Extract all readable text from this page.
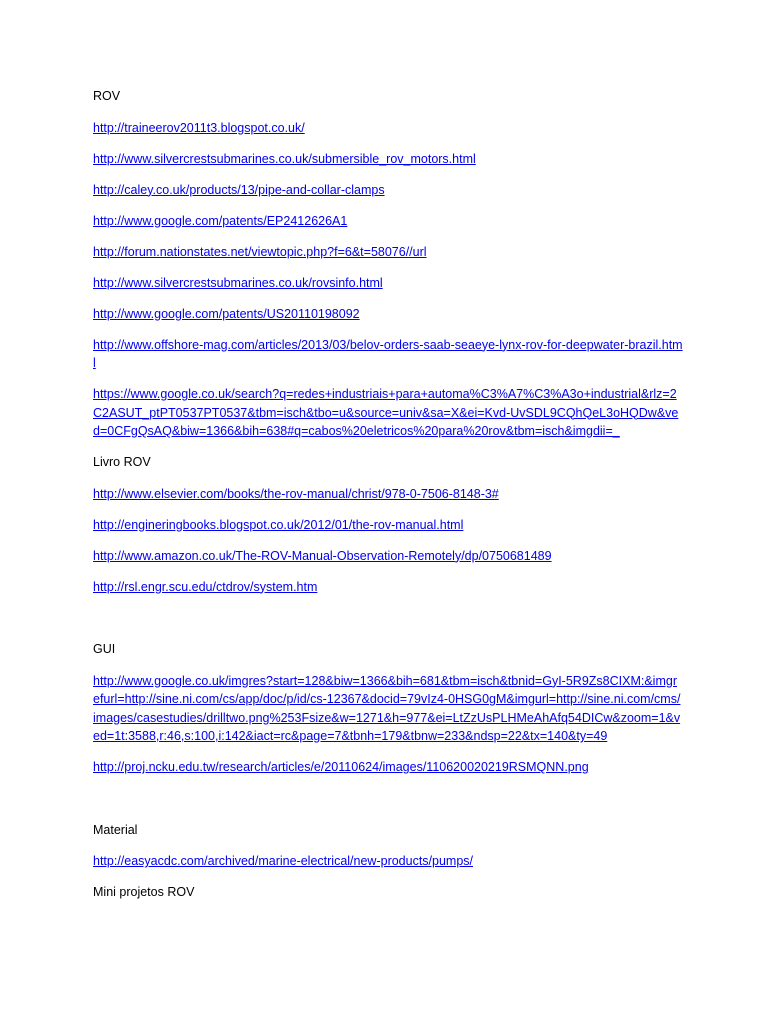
ROV
http://traineerov2011t3.blogspot.co.uk/
http://www.silvercrestsubmarines.co.uk/submersible_rov_motors.html
http://caley.co.uk/products/13/pipe-and-collar-clamps
http://www.google.com/patents/EP2412626A1
http://forum.nationstates.net/viewtopic.php?f=6&t=58076//url
http://www.silvercrestsubmarines.co.uk/rovsinfo.html
http://www.google.com/patents/US20110198092
http://www.offshore-mag.com/articles/2013/03/belov-orders-saab-seaeye-lynx-rov-for-deepwater-brazil.html
https://www.google.co.uk/search?q=redes+industriais+para+automa%C3%A7%C3%A3o+industrial&rlz=2C2ASUT_ptPT0537PT0537&tbm=isch&tbo=u&source=univ&sa=X&ei=Kvd-UvSDL9CQhQeL3oHQDw&ved=0CFgQsAQ&biw=1366&bih=638#q=cabos%20eletricos%20para%20rov&tbm=isch&imgdii=_
Livro ROV
http://www.elsevier.com/books/the-rov-manual/christ/978-0-7506-8148-3#
http://engineringbooks.blogspot.co.uk/2012/01/the-rov-manual.html
http://www.amazon.co.uk/The-ROV-Manual-Observation-Remotely/dp/0750681489
http://rsl.engr.scu.edu/ctdrov/system.htm
GUI
http://www.google.co.uk/imgres?start=128&biw=1366&bih=681&tbm=isch&tbnid=GyI-5R9Zs8CIXM:&imgrefurl=http://sine.ni.com/cs/app/doc/p/id/cs-12367&docid=79vIz4-0HSG0gM&imgurl=http://sine.ni.com/cms/images/casestudies/drilltwo.png%253Fsize&w=1271&h=977&ei=LtZzUsPLHMeAhAfq54DICw&zoom=1&ved=1t:3588,r:46,s:100,i:142&iact=rc&page=7&tbnh=179&tbnw=233&ndsp=22&tx=140&ty=49
http://proj.ncku.edu.tw/research/articles/e/20110624/images/110620020219RSMQNN.png
Material
http://easyacdc.com/archived/marine-electrical/new-products/pumps/
Mini projetos ROV
